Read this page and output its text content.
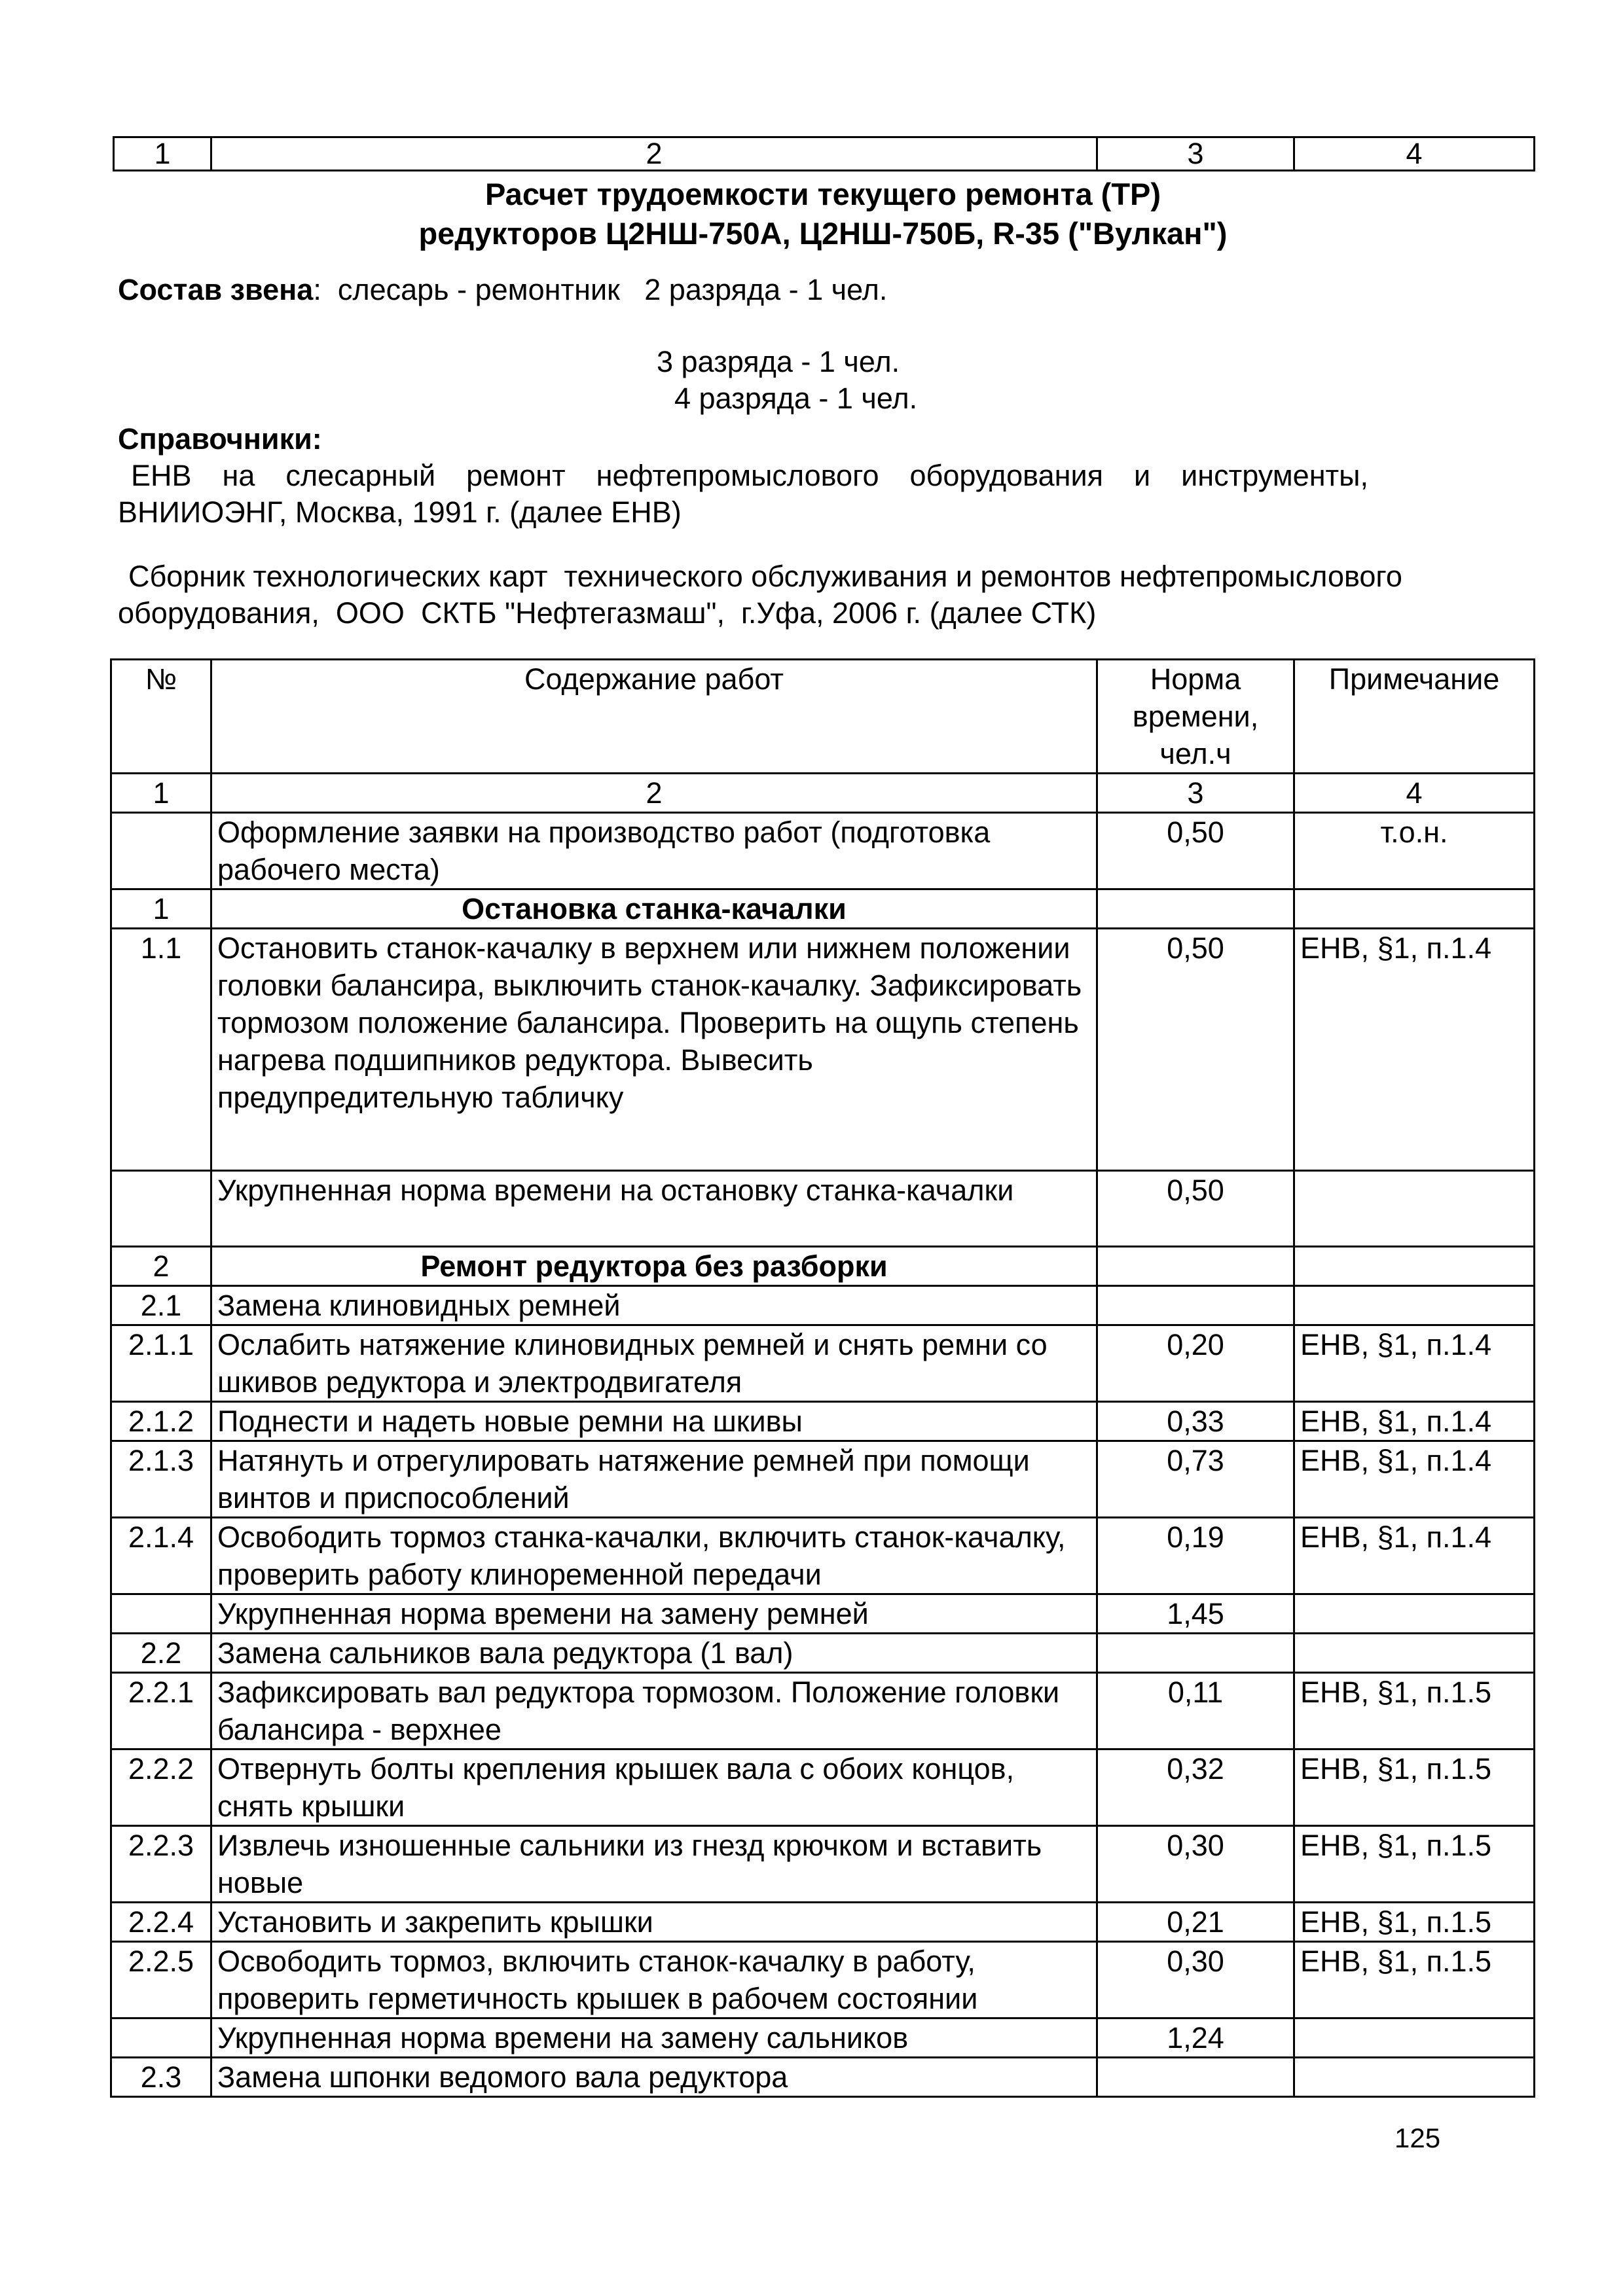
1	2	3	4
Расчет трудоемкости текущего ремонта (ТР)
редукторов Ц2НШ-750А, Ц2НШ-750Б, R-35 ("Вулкан")
Состав звена:  слесарь - ремонтник   2 разряда - 1 чел.
3 разряда - 1 чел.
4 разряда - 1 чел.
Справочники:
ЕНВ на слесарный ремонт нефтепромыслового оборудования и инструменты,
ВНИИОЭНГ, Москва, 1991 г. (далее ЕНВ)
Сборник технологических карт  технического обслуживания и ремонтов нефтепромыслового
оборудования,  ООО  СКТБ "Нефтегазмаш",  г.Уфа, 2006 г. (далее СТК)
№	Содержание работ	Норма
времени,
чел.ч	Примечание
1	2	3	4
	Оформление заявки на производство работ (подготовка рабочего места)	0,50	т.о.н.
1	Остановка станка-качалки		
1.1	Остановить станок-качалку в верхнем или нижнем положении головки балансира, выключить станок-качалку. Зафиксировать тормозом положение балансира. Проверить на ощупь степень нагрева подшипников редуктора. Вывесить предупредительную табличку	0,50	ЕНВ, §1, п.1.4
	Укрупненная норма времени на остановку станка-качалки	0,50	
2	Ремонт редуктора без разборки		
2.1	Замена клиновидных ремней		
2.1.1	Ослабить натяжение клиновидных ремней и снять ремни со шкивов редуктора и электродвигателя	0,20	ЕНВ, §1, п.1.4
2.1.2	Поднести и надеть новые ремни на шкивы	0,33	ЕНВ, §1, п.1.4
2.1.3	Натянуть и отрегулировать натяжение ремней при помощи винтов и приспособлений	0,73	ЕНВ, §1, п.1.4
2.1.4	Освободить тормоз станка-качалки, включить станок-качалку, проверить работу клиноременной передачи	0,19	ЕНВ, §1, п.1.4
	Укрупненная норма времени на замену ремней	1,45	
2.2	Замена сальников вала редуктора (1 вал)		
2.2.1	Зафиксировать вал редуктора тормозом. Положение головки балансира - верхнее	0,11	ЕНВ, §1, п.1.5
2.2.2	Отвернуть болты крепления крышек вала с обоих концов, снять крышки	0,32	ЕНВ, §1, п.1.5
2.2.3	Извлечь изношенные сальники из гнезд крючком и вставить новые	0,30	ЕНВ, §1, п.1.5
2.2.4	Установить и закрепить крышки	0,21	ЕНВ, §1, п.1.5
2.2.5	Освободить тормоз, включить станок-качалку в работу, проверить герметичность крышек в рабочем состоянии	0,30	ЕНВ, §1, п.1.5
	Укрупненная норма времени на замену сальников	1,24	
2.3	Замена шпонки ведомого вала редуктора		
125
